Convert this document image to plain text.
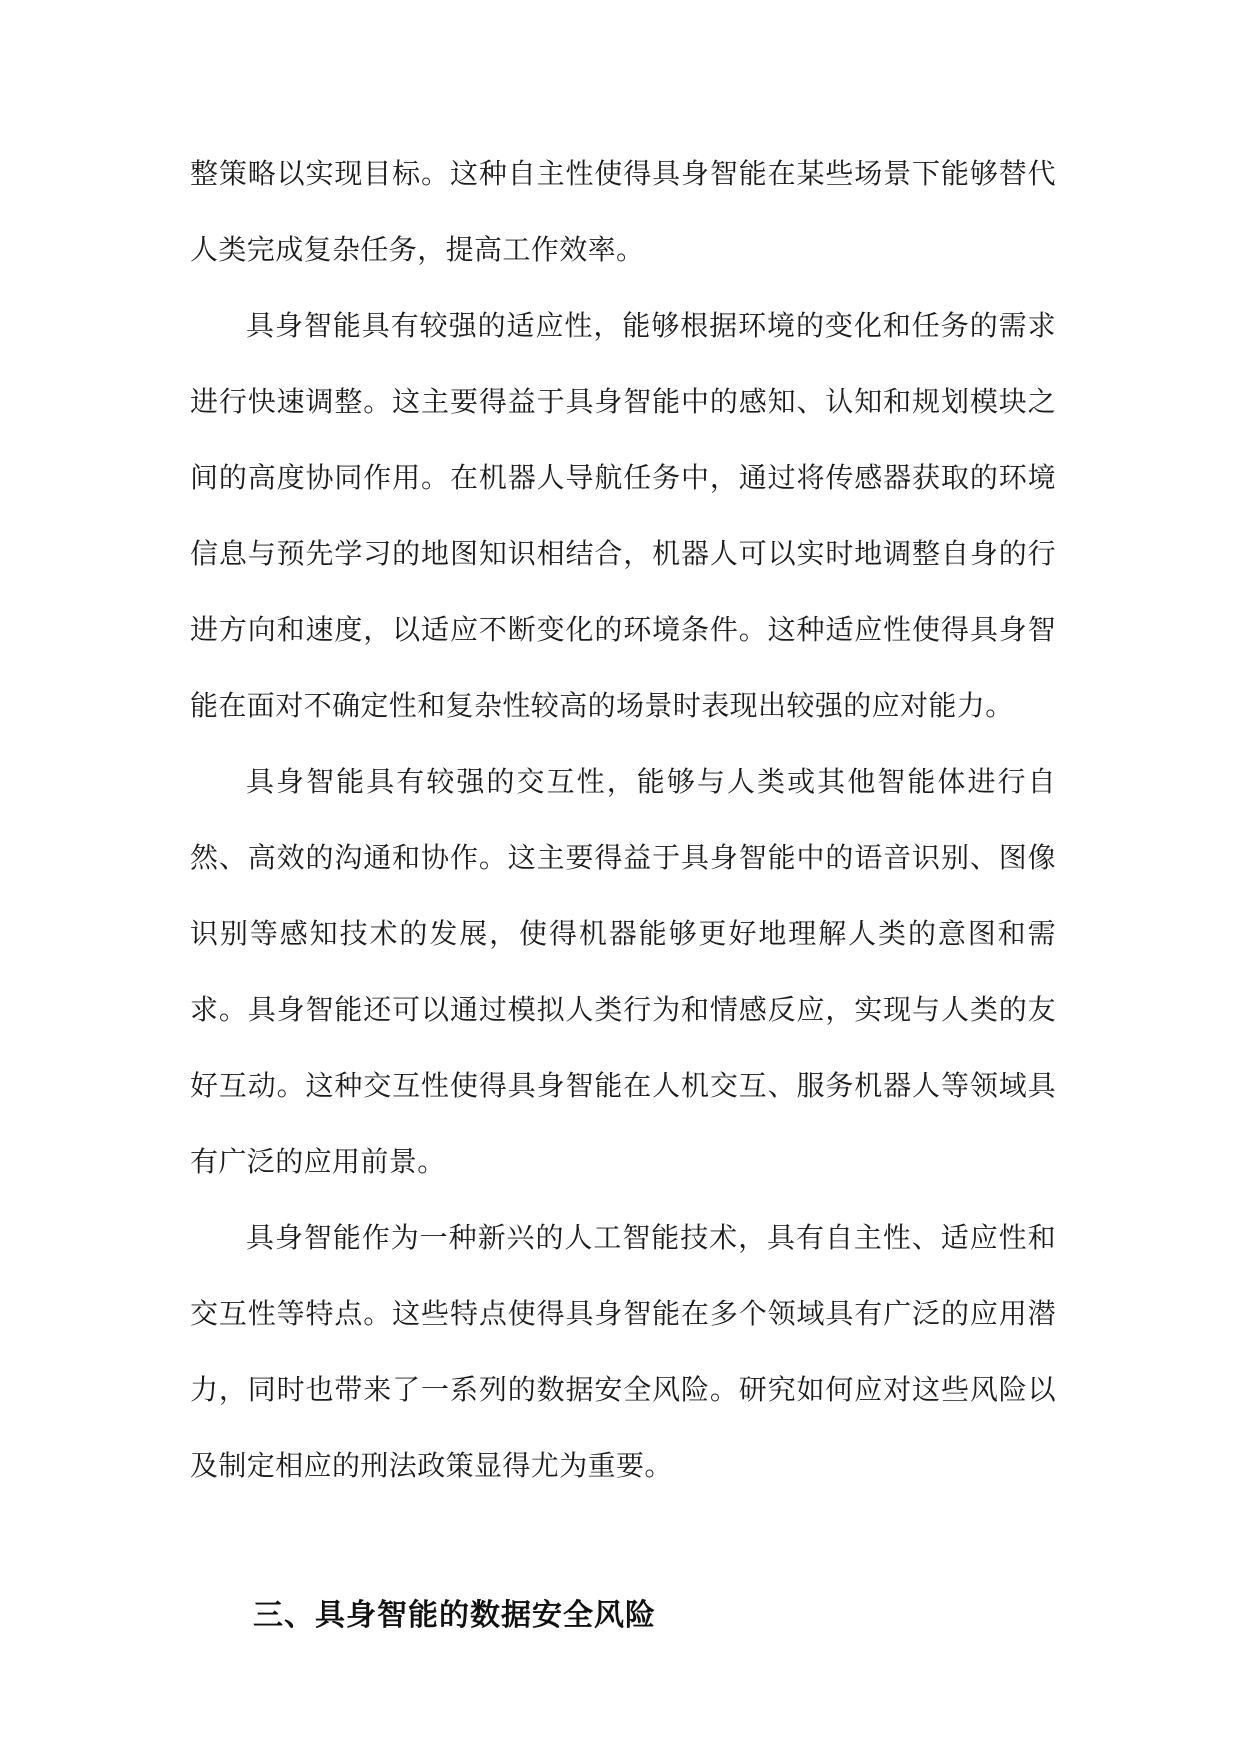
整策略以实现目标。这种自主性使得具身智能在某些场景下能够替代人类完成复杂任务，提高工作效率。

具身智能具有较强的适应性，能够根据环境的变化和任务的需求进行快速调整。这主要得益于具身智能中的感知、认知和规划模块之间的高度协同作用。在机器人导航任务中，通过将传感器获取的环境信息与预先学习的地图知识相结合，机器人可以实时地调整自身的行进方向和速度，以适应不断变化的环境条件。这种适应性使得具身智能在面对不确定性和复杂性较高的场景时表现出较强的应对能力。

具身智能具有较强的交互性，能够与人类或其他智能体进行自然、高效的沟通和协作。这主要得益于具身智能中的语音识别、图像识别等感知技术的发展，使得机器能够更好地理解人类的意图和需求。具身智能还可以通过模拟人类行为和情感反应，实现与人类的友好互动。这种交互性使得具身智能在人机交互、服务机器人等领域具有广泛的应用前景。

具身智能作为一种新兴的人工智能技术，具有自主性、适应性和交互性等特点。这些特点使得具身智能在多个领域具有广泛的应用潜力，同时也带来了一系列的数据安全风险。研究如何应对这些风险以及制定相应的刑法政策显得尤为重要。

三、具身智能的数据安全风险
